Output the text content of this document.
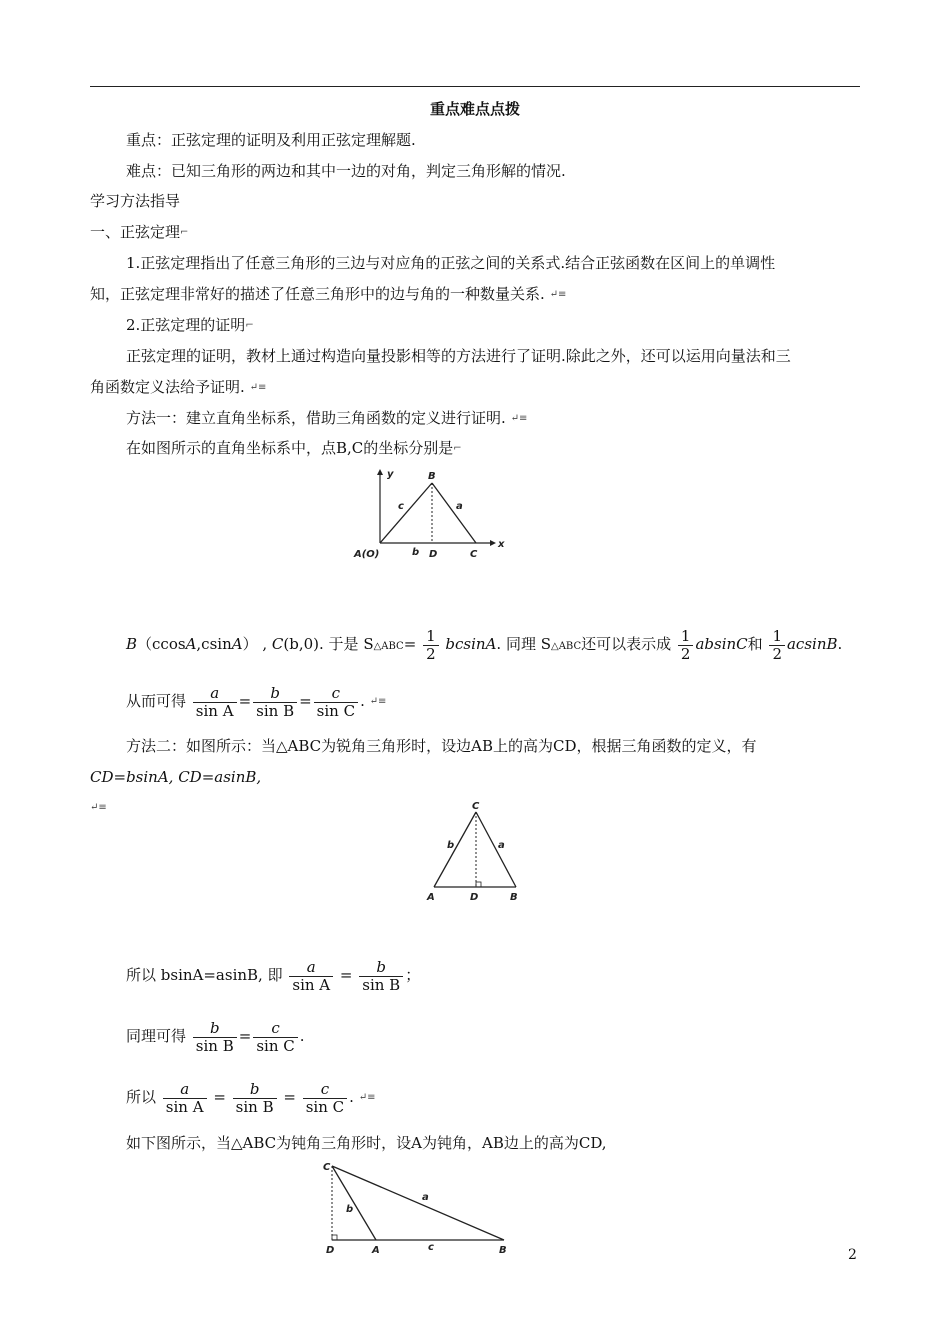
重点难点点拨
重点：正弦定理的证明及利用正弦定理解题.
难点：已知三角形的两边和其中一边的对角，判定三角形解的情况.
学习方法指导
一、正弦定理⌐
1.正弦定理指出了任意三角形的三边与对应角的正弦之间的关系式.结合正弦函数在区间上的单调性
知，正弦定理非常好的描述了任意三角形中的边与角的一种数量关系. ↵≡
2.正弦定理的证明⌐
正弦定理的证明，教材上通过构造向量投影相等的方法进行了证明.除此之外，还可以运用向量法和三
角函数定义法给予证明. ↵≡
方法一：建立直角坐标系，借助三角函数的定义进行证明. ↵≡
在如图所示的直角坐标系中，点B,C的坐标分别是⌐
y
x
B
c	a
A(O)	b D	C
B（ccosA,csinA） , C(b,0). 于是 S△ABC= $\frac{1}{2} bcsinA$. 同理 S△ABC还可以表示成 $\frac{1}{2}$ absinC和 $\frac{1}{2} acsinB$.
从而可得 $\frac{a}{\text{sin A}} = \frac{b}{\text{sin B}} = \frac{c}{\text{sin C}}$ . ↵≡
方法二：如图所示：当△ABC为锐角三角形时，设边AB上的高为CD，根据三角函数的定义，有
CD=bsinA, CD=asinB,
↵≡	C
b	a
A	D	B
所以 bsinA=asinB, 即 $\frac{a}{\text{sin A}} = \frac{b}{\text{sin B}}$ ；
同理可得 $\frac{b}{\text{sin B}} = \frac{c}{\text{sin C}}$ .
所以 $\frac{a}{\text{sin A}} = \frac{b}{\text{sin B}} = \frac{c}{\text{sin C}}$ . ↵≡
如下图所示，当△ABC为钝角三角形时，设A为钝角，AB边上的高为CD,
C
b
a
D	A	c	B	2
